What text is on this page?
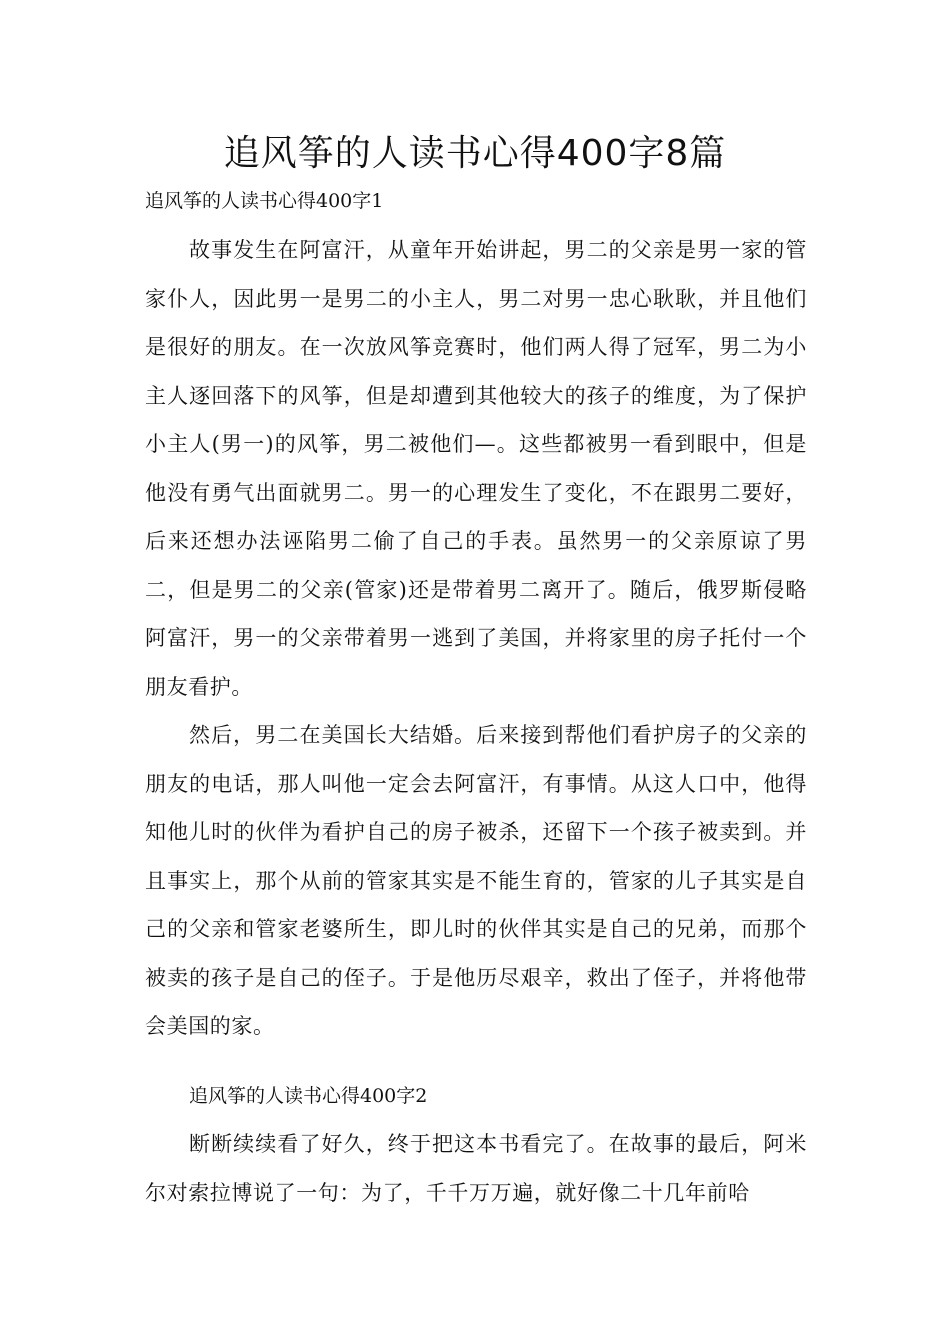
追风筝的人读书心得400字8篇

追风筝的人读书心得400字1

故事发生在阿富汗，从童年开始讲起，男二的父亲是男一家的管家仆人，因此男一是男二的小主人，男二对男一忠心耿耿，并且他们是很好的朋友。在一次放风筝竞赛时，他们两人得了冠军，男二为小主人逐回落下的风筝，但是却遭到其他较大的孩子的维度，为了保护小主人(男一)的风筝，男二被他们—。这些都被男一看到眼中，但是他没有勇气出面就男二。男一的心理发生了变化，不在跟男二要好，后来还想办法诬陷男二偷了自己的手表。虽然男一的父亲原谅了男二，但是男二的父亲(管家)还是带着男二离开了。随后，俄罗斯侵略阿富汗，男一的父亲带着男一逃到了美国，并将家里的房子托付一个朋友看护。

然后，男二在美国长大结婚。后来接到帮他们看护房子的父亲的朋友的电话，那人叫他一定会去阿富汗，有事情。从这人口中，他得知他儿时的伙伴为看护自己的房子被杀，还留下一个孩子被卖到。并且事实上，那个从前的管家其实是不能生育的，管家的儿子其实是自己的父亲和管家老婆所生，即儿时的伙伴其实是自己的兄弟，而那个被卖的孩子是自己的侄子。于是他历尽艰辛，救出了侄子，并将他带会美国的家。

追风筝的人读书心得400字2

断断续续看了好久，终于把这本书看完了。在故事的最后，阿米尔对索拉博说了一句：为了，千千万万遍，就好像二十几年前哈
